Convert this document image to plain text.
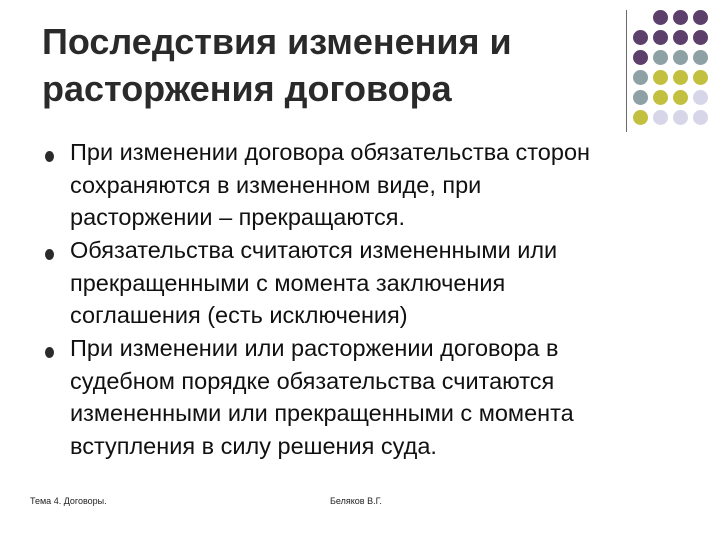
Последствия изменения и
расторжения договора
При изменении договора обязательства сторон
сохраняются в измененном виде, при
расторжении – прекращаются.
Обязательства считаются измененными или
прекращенными с момента заключения
соглашения (есть исключения)
При изменении или расторжении договора в
судебном порядке обязательства считаются
измененными или прекращенными с момента
вступления в силу решения суда.
Тема 4. Договоры.	Беляков В.Г.
